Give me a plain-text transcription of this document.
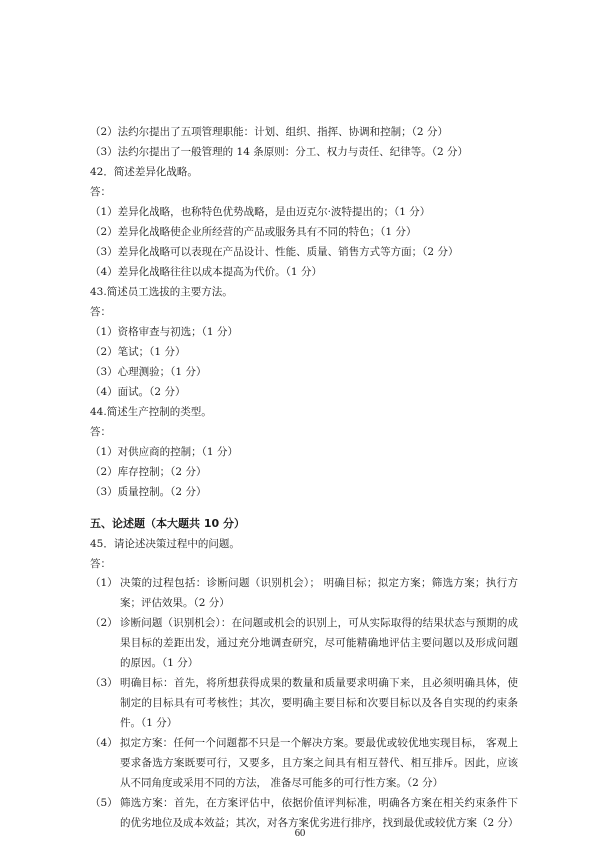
（2）法约尔提出了五项管理职能：计划、组织、指挥、协调和控制；（2 分）
（3）法约尔提出了一般管理的 14 条原则：分工、权力与责任、纪律等。（2 分）
42．简述差异化战略。
答：
（1）差异化战略，也称特色优势战略，是由迈克尔·波特提出的；（1 分）
（2）差异化战略使企业所经营的产品或服务具有不同的特色；（1 分）
（3）差异化战略可以表现在产品设计、性能、质量、销售方式等方面；（2 分）
（4）差异化战略往往以成本提高为代价。（1 分）
43.简述员工选拔的主要方法。
答：
（1）资格审查与初选；（1 分）
（2）笔试；（1 分）
（3）心理测验；（1 分）
（4）面试。（2 分）
44.简述生产控制的类型。
答：
（1）对供应商的控制；（1 分）
（2）库存控制；（2 分）
（3）质量控制。（2 分）
五、论述题（本大题共 10 分）
45．请论述决策过程中的问题。
答：
（1） 决策的过程包括：诊断问题（识别机会）； 明确目标；拟定方案；筛选方案；执行方案；评估效果。（2 分）
（2） 诊断问题（识别机会）：在问题或机会的识别上，可从实际取得的结果状态与预期的成果目标的差距出发，通过充分地调查研究，尽可能精确地评估主要问题以及形成问题的原因。（1 分）
（3） 明确目标：首先，将所想获得成果的数量和质量要求明确下来，且必须明确具体，使制定的目标具有可考核性；其次，要明确主要目标和次要目标以及各自实现的约束条件。（1 分）
（4） 拟定方案：任何一个问题都不只是一个解决方案。要最优或较优地实现目标， 客观上要求备选方案既要可行，又要多，且方案之间具有相互替代、相互排斥。因此，应该从不同角度或采用不同的方法， 准备尽可能多的可行性方案。（2 分）
（5） 筛选方案：首先，在方案评估中，依据价值评判标准，明确各方案在相关约束条件下的优劣地位及成本效益；其次，对各方案优劣进行排序，找到最优或较优方案（2 分）
60
